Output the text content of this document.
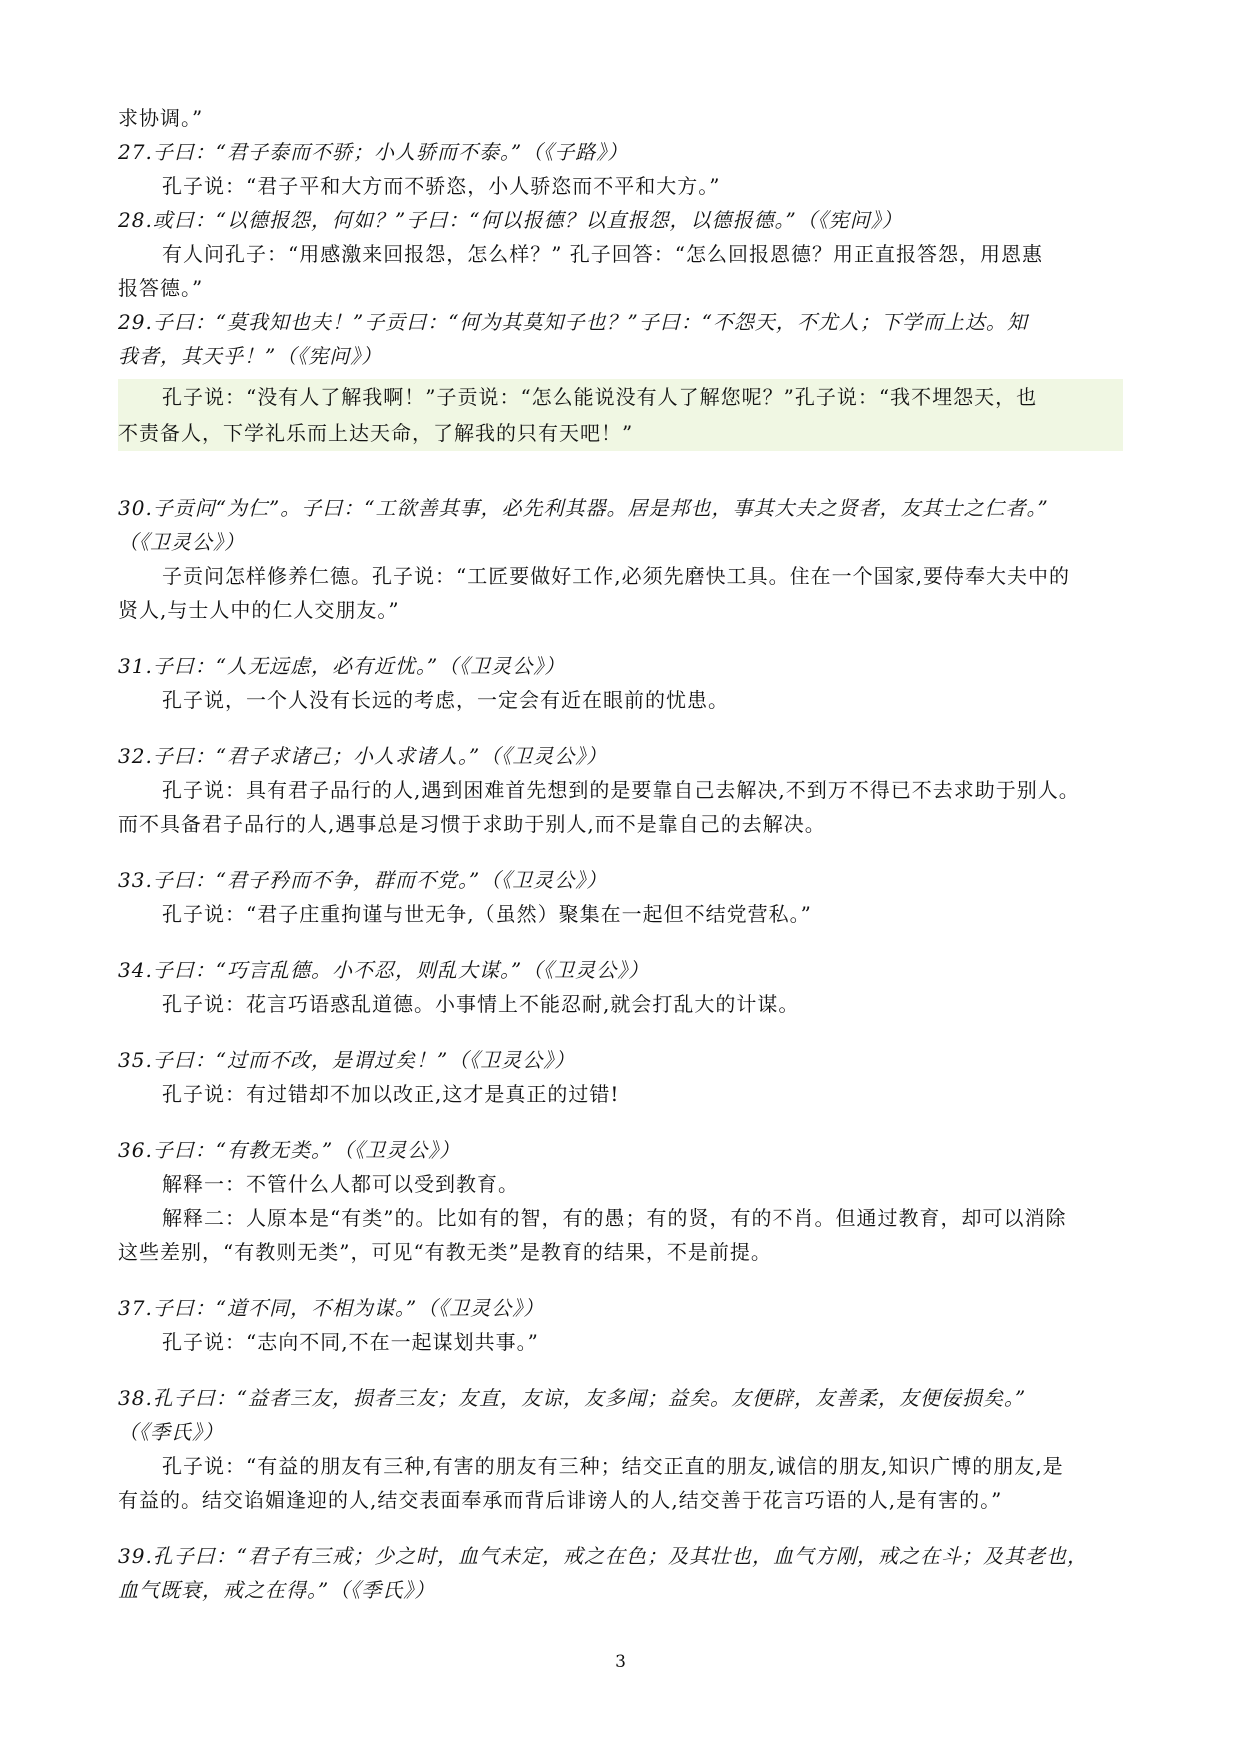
求协调。”
27.子曰：“君子泰而不骄；小人骄而不泰。”（《子路》）
孔子说：“君子平和大方而不骄恣，小人骄恣而不平和大方。”
28.或曰：“以德报怨，何如？”子曰：“何以报德？以直报怨，以德报德。”（《宪问》）
有人问孔子：“用感激来回报怨，怎么样？” 孔子回答：“怎么回报恩德？用正直报答怨，用恩惠
报答德。”
29.子曰：“莫我知也夫！”子贡曰：“何为其莫知子也？”子曰：“不怨天，不尤人；下学而上达。知
我者，其天乎！”（《宪问》）
孔子说：“没有人了解我啊！”子贡说：“怎么能说没有人了解您呢？”孔子说：“我不埋怨天，也
不责备人，下学礼乐而上达天命，了解我的只有天吧！”
30.子贡问“为仁”。子曰：“工欲善其事，必先利其器。居是邦也，事其大夫之贤者，友其士之仁者。”
（《卫灵公》）
子贡问怎样修养仁德。孔子说：“工匠要做好工作,必须先磨快工具。住在一个国家,要侍奉大夫中的
贤人,与士人中的仁人交朋友。”
31.子曰：“人无远虑，必有近忧。”（《卫灵公》）
孔子说，一个人没有长远的考虑，一定会有近在眼前的忧患。
32.子曰：“君子求诸己；小人求诸人。”（《卫灵公》）
孔子说：具有君子品行的人,遇到困难首先想到的是要靠自己去解决,不到万不得已不去求助于别人。
而不具备君子品行的人,遇事总是习惯于求助于别人,而不是靠自己的去解决。
33.子曰：“君子矜而不争，群而不党。”（《卫灵公》）
孔子说：“君子庄重拘谨与世无争,（虽然）聚集在一起但不结党营私。”
34.子曰：“巧言乱德。小不忍，则乱大谋。”（《卫灵公》）
孔子说：花言巧语惑乱道德。小事情上不能忍耐,就会打乱大的计谋。
35.子曰：“过而不改，是谓过矣！”（《卫灵公》）
孔子说：有过错却不加以改正,这才是真正的过错!
36.子曰：“有教无类。”（《卫灵公》）
解释一：不管什么人都可以受到教育。
解释二：人原本是“有类”的。比如有的智，有的愚；有的贤，有的不肖。但通过教育，却可以消除
这些差别，“有教则无类”，可见“有教无类”是教育的结果，不是前提。
37.子曰：“道不同，不相为谋。”（《卫灵公》）
孔子说：“志向不同,不在一起谋划共事。”
38.孔子曰：“益者三友，损者三友；友直，友谅，友多闻；益矣。友便辟，友善柔，友便佞损矣。”
（《季氏》）
孔子说：“有益的朋友有三种,有害的朋友有三种；结交正直的朋友,诚信的朋友,知识广博的朋友,是
有益的。结交谄媚逢迎的人,结交表面奉承而背后诽谤人的人,结交善于花言巧语的人,是有害的。”
39.孔子曰：“君子有三戒；少之时，血气未定，戒之在色；及其壮也，血气方刚，戒之在斗；及其老也，
血气既衰，戒之在得。”（《季氏》）
3
